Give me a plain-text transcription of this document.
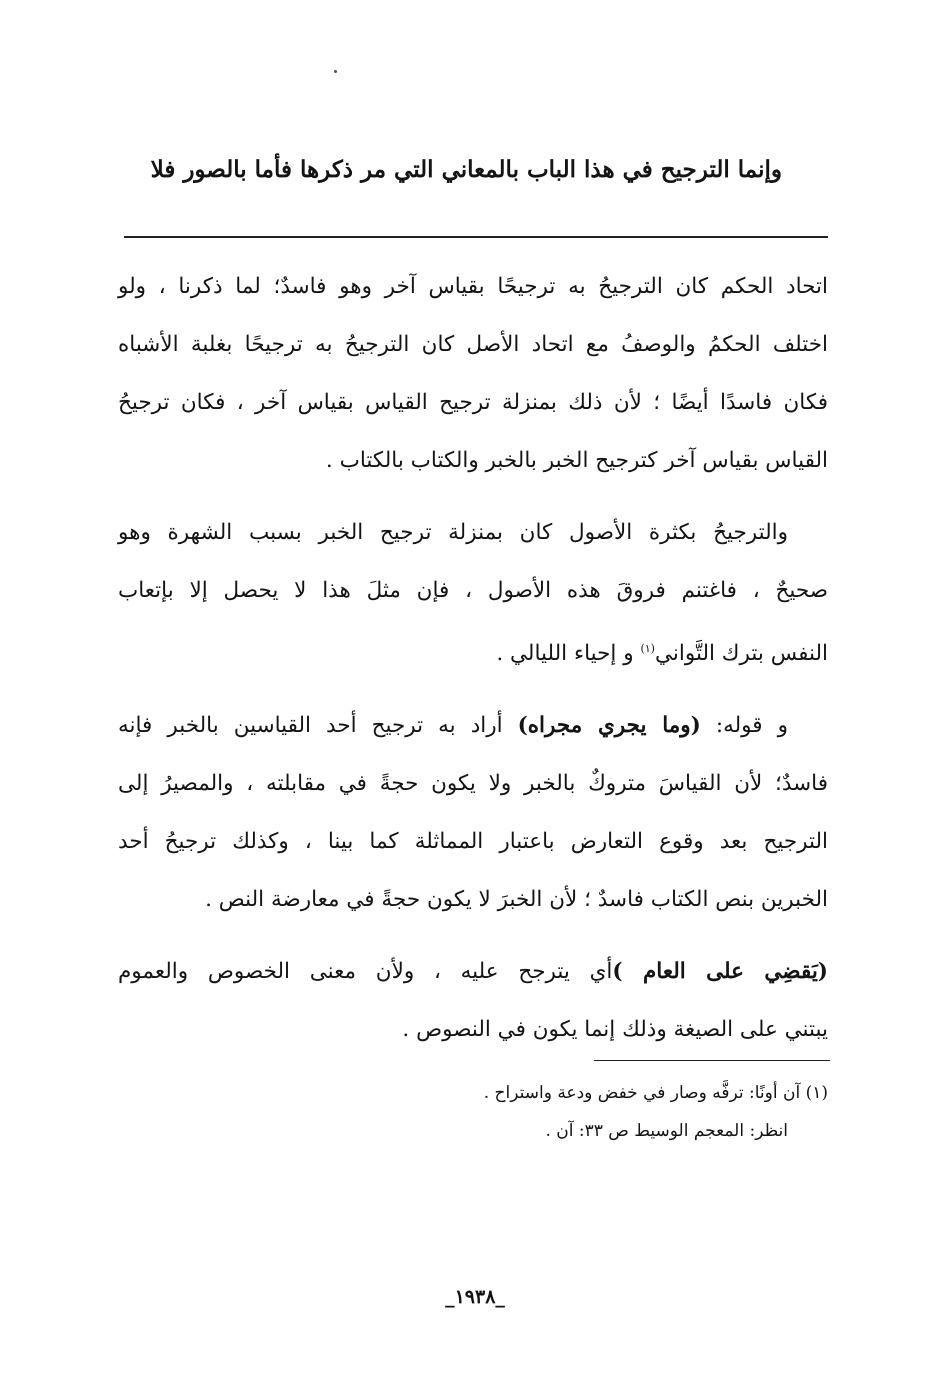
وإنما الترجيح في هذا الباب بالمعاني التي مر ذكرها فأما بالصور فلا
اتحاد الحكم كان الترجيحُ به ترجيحًا بقياس آخر وهو فاسدٌ؛ لما ذكرنا ، ولو
اختلف الحكمُ والوصفُ مع اتحاد الأصل كان الترجيحُ به ترجيحًا بغلبة الأشباه
فكان فاسدًا أيضًا ؛ لأن ذلك بمنزلة ترجيح القياس بقياس آخر ، فكان ترجيحُ
القياس بقياس آخر كترجيح الخبر بالخبر والكتاب بالكتاب .
والترجيحُ بكثرة الأصول كان بمنزلة ترجيح الخبر بسبب الشهرة وهو
صحيحٌ ، فاغتنم فروقَ هذه الأصول ، فإن مثلَ هذا لا يحصل إلا بإتعاب
النفس بترك التَّواني$^{(١)}$ و إحياء الليالي .
و قوله: (وما يجري مجراه) أراد به ترجيح أحد القياسين بالخبر فإنه
فاسدٌ؛ لأن القياسَ متروكٌ بالخبر ولا يكون حجةً في مقابلته ، والمصيرُ إلى
الترجيح بعد وقوع التعارض باعتبار المماثلة كما بينا ، وكذلك ترجيحُ أحد
الخبرين بنص الكتاب فاسدٌ ؛ لأن الخبرَ لا يكون حجةً في معارضة النص .
(يَقضِي على العام )أي يترجح عليه ، ولأن معنى الخصوص والعموم
يبتني على الصيغة وذلك إنما يكون في النصوص .
(١) آن أونًا: ترفَّه وصار في خفض ودعة واستراح .
انظر: المعجم الوسيط ص ٣٣: آن .
_١٩٣٨_
